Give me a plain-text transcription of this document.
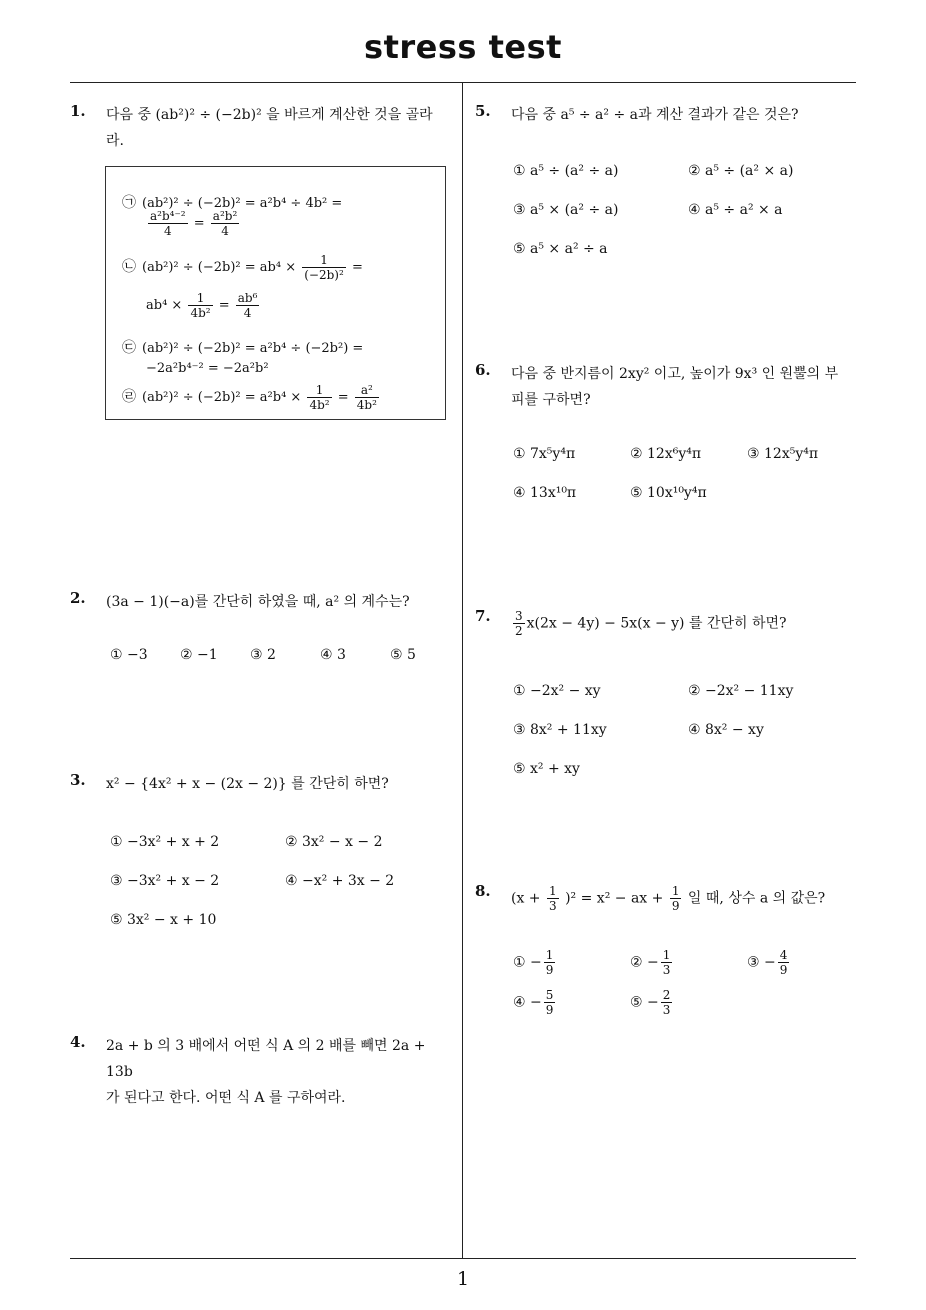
stress test
1
1. 다음 중 (ab²)² ÷ (−2b)² 을 바르게 계산한 것을 골라
라.
㉠ (ab²)² ÷ (−2b)² = a²b⁴ ÷ 4b² =
$\frac{\text{a²b⁴⁻²}}{4} = \frac{\text{a²b²}}{4}$
㉡ $(ab^2)^2 \div (-2b)^2 = ab^4 \times \frac{1}{\text{(−2b)²}}$ =
$ab^4 \times \frac{1}{\text{4b²}} = \frac{\text{ab⁶}}{4}$
㉢ (ab²)² ÷ (−2b)² = a²b⁴ ÷ (−2b²) =
−2a²b⁴⁻² = −2a²b²
㉣ $(ab^2)^2 \div (-2b)^2 = a^2b^4 \times \frac{1}{\text{4b²}} = \frac{\text{a²}}{\text{4b²}}$
2. (3a − 1)(−a)를 간단히 하였을 때, a² 의 계수는?
① −3 ② −1 ③ 2	④ 3	⑤ 5
3. x² − {4x² + x − (2x − 2)} 를 간단히 하면?
① −3x² + x + 2	② 3x² − x − 2
③ −3x² + x − 2	④ −x² + 3x − 2
⑤ 3x² − x + 10
4. 2a + b 의 3 배에서 어떤 식 A 의 2 배를 빼면 2a + 13b
가 된다고 한다. 어떤 식 A 를 구하여라.
5. 다음 중 a⁵ ÷ a² ÷ a과 계산 결과가 같은 것은?
① a⁵ ÷ (a² ÷ a)	② a⁵ ÷ (a² × a)
③ a⁵ × (a² ÷ a)	④ a⁵ ÷ a² × a
⑤ a⁵ × a² ÷ a
6. 다음 중 반지름이 2xy² 이고, 높이가 9x³ 인 원뿔의 부
피를 구하면?
① 7x⁵y⁴π	② 12x⁶y⁴π	③ 12x⁵y⁴π
④ 13x¹⁰π	⑤ 10x¹⁰y⁴π
7. $\frac{3}{2} x(2x - 4y) - 5x(x - y)$ 를 간단히 하면?
① −2x² − xy	② −2x² − 11xy
③ 8x² + 11xy	④ 8x² − xy
⑤ x² + xy
8. $(x + \frac{1}{3} )^2 = x^2$ − ax + $\frac{1}{9}$ 일 때, 상수 a 의 값은?
① − $\frac{1}{9}$	② − $\frac{1}{3}$	③ − $\frac{4}{9}$
④ − $\frac{5}{9}$	⑤ − $\frac{2}{3}$
